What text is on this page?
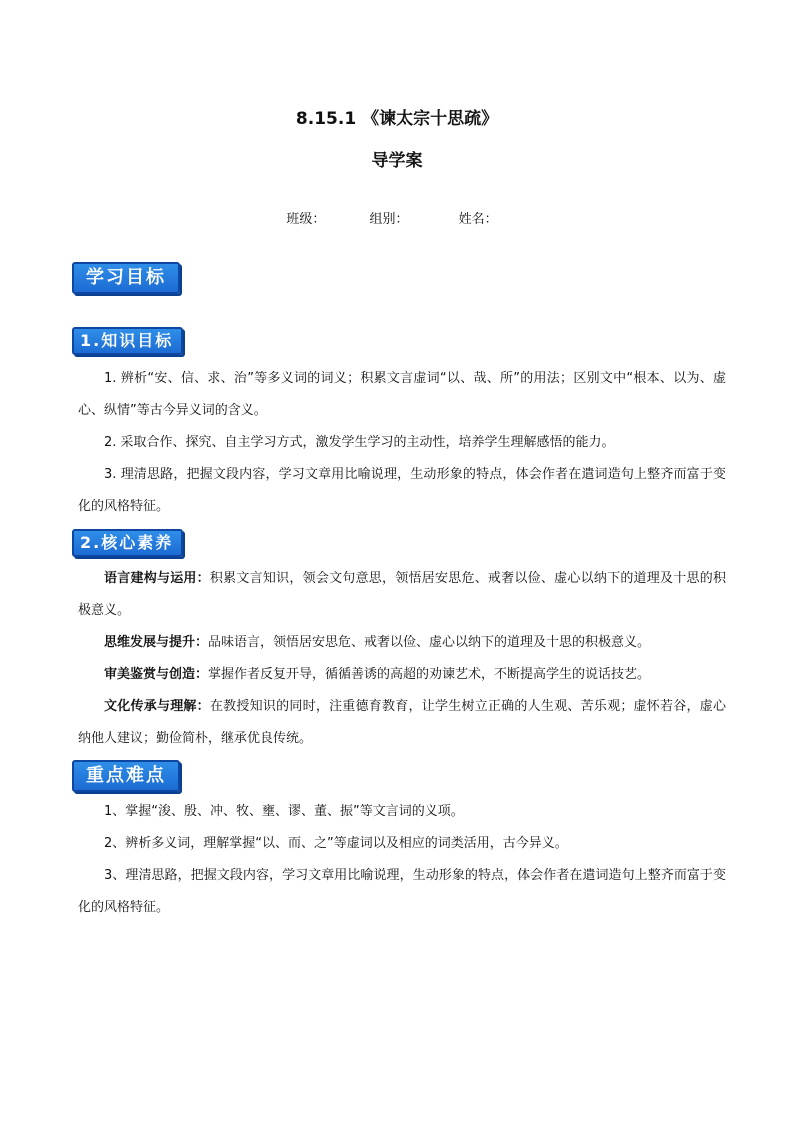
8.15.1 《谏太宗十思疏》
导学案
班级：	组别：	姓名：
学习目标
1.知识目标
1. 辨析“安、信、求、治”等多义词的词义；积累文言虚词“以、哉、所”的用法；区别文中“根本、以为、虚心、纵情”等古今异义词的含义。
2. 采取合作、探究、自主学习方式，激发学生学习的主动性，培养学生理解感悟的能力。
3. 理清思路，把握文段内容，学习文章用比喻说理，生动形象的特点，体会作者在遣词造句上整齐而富于变化的风格特征。
2.核心素养
语言建构与运用：积累文言知识，领会文句意思，领悟居安思危、戒奢以俭、虚心以纳下的道理及十思的积极意义。
思维发展与提升：品味语言，领悟居安思危、戒奢以俭、虚心以纳下的道理及十思的积极意义。
审美鉴赏与创造：掌握作者反复开导，循循善诱的高超的劝谏艺术，不断提高学生的说话技艺。
文化传承与理解：在教授知识的同时，注重德育教育，让学生树立正确的人生观、苦乐观；虚怀若谷，虚心纳他人建议；勤俭简朴，继承优良传统。
重点难点
1、掌握“浚、殷、冲、牧、壅、谬、董、振”等文言词的义项。
2、辨析多义词，理解掌握“以、而、之”等虚词以及相应的词类活用，古今异义。
3、理清思路，把握文段内容，学习文章用比喻说理，生动形象的特点，体会作者在遣词造句上整齐而富于变化的风格特征。
